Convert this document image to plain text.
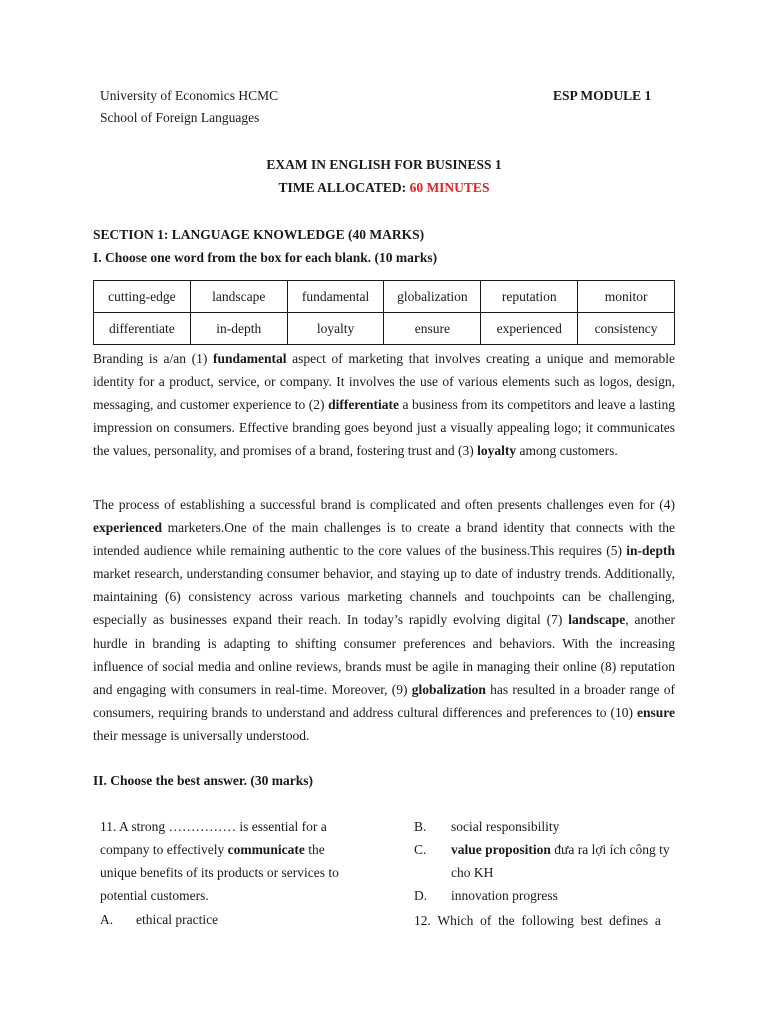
University of Economics HCMC
School of Foreign Languages
ESP MODULE 1
EXAM IN ENGLISH FOR BUSINESS 1
TIME ALLOCATED: 60 MINUTES
SECTION 1: LANGUAGE KNOWLEDGE (40 MARKS)
I. Choose one word from the box for each blank. (10 marks)
cutting-edge	landscape	fundamental	globalization	reputation	monitor
differentiate	in-depth	loyalty	ensure	experienced	consistency

Branding is a/an (1) fundamental aspect of marketing that involves creating a unique and memorable identity for a product, service, or company. It involves the use of various elements such as logos, design, messaging, and customer experience to (2) differentiate a business from its competitors and leave a lasting impression on consumers. Effective branding goes beyond just a visually appealing logo; it communicates the values, personality, and promises of a brand, fostering trust and (3) loyalty among customers.

The process of establishing a successful brand is complicated and often presents challenges even for (4) experienced marketers.One of the main challenges is to create a brand identity that connects with the intended audience while remaining authentic to the core values of the business.This requires (5) in-depth market research, understanding consumer behavior, and staying up to date of industry trends. Additionally, maintaining (6) consistency across various marketing channels and touchpoints can be challenging, especially as businesses expand their reach. In today’s rapidly evolving digital (7) landscape, another hurdle in branding is adapting to shifting consumer preferences and behaviors. With the increasing influence of social media and online reviews, brands must be agile in managing their online (8) reputation and engaging with consumers in real-time. Moreover, (9) globalization has resulted in a broader range of consumers, requiring brands to understand and address cultural differences and preferences to (10) ensure their message is universally understood.

II. Choose the best answer. (30 marks)
11. A strong …………… is essential for a
company to effectively communicate the
unique benefits of its products or services to
potential customers.
A. ethical practice
B. social responsibility
C. value proposition đưa ra lợi ích công ty
cho KH
D. innovation progress
12.  Which  of  the  following  best  defines  a
